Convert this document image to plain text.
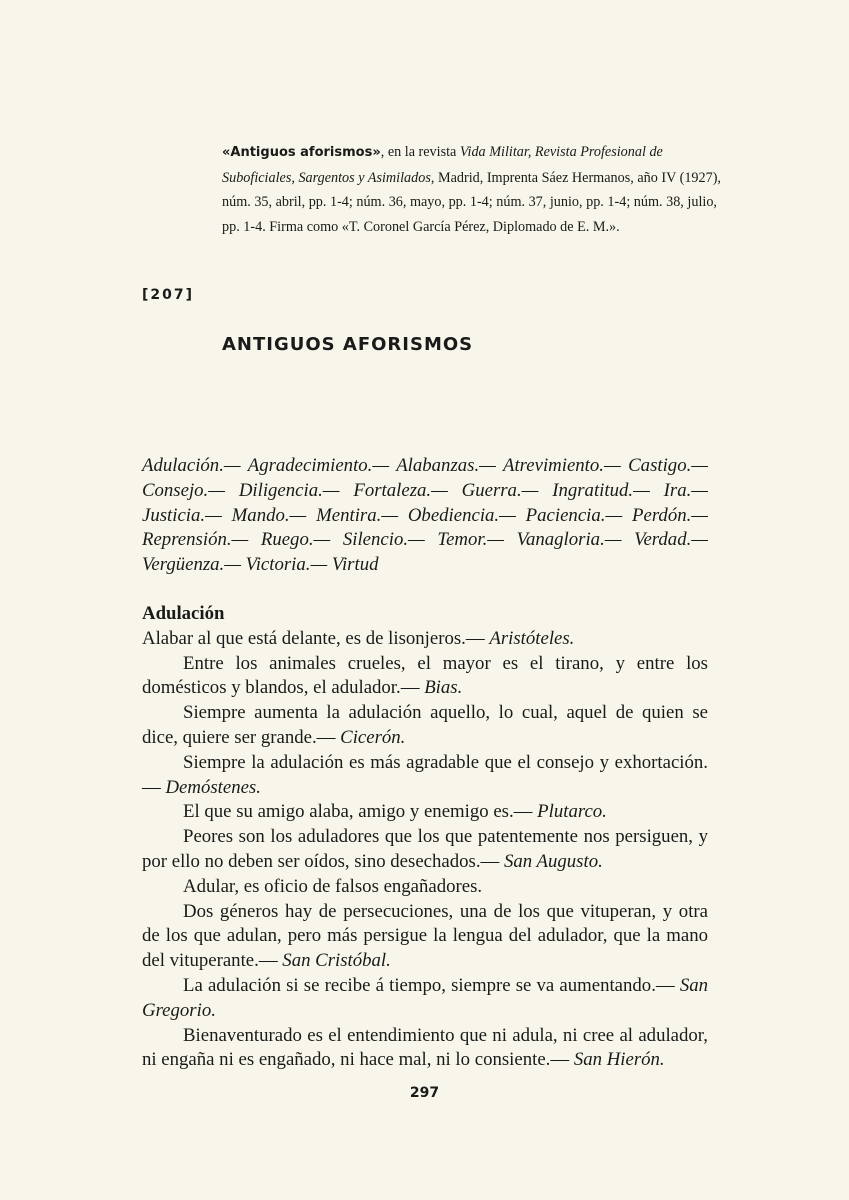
«Antiguos aforismos», en la revista Vida Militar, Revista Profesional de Suboficiales, Sargentos y Asimilados, Madrid, Imprenta Sáez Hermanos, año IV (1927), núm. 35, abril, pp. 1-4; núm. 36, mayo, pp. 1-4; núm. 37, junio, pp. 1-4; núm. 38, julio, pp. 1-4. Firma como «T. Coronel García Pérez, Diplomado de E. M.».
[207]
ANTIGUOS AFORISMOS
Adulación.— Agradecimiento.— Alabanzas.— Atrevimiento.— Castigo.— Consejo.— Diligencia.— Fortaleza.— Guerra.— Ingratitud.— Ira.— Justicia.— Mando.— Mentira.— Obediencia.— Paciencia.— Perdón.— Reprensión.— Ruego.— Silencio.— Temor.— Vanagloria.— Verdad.— Vergüenza.— Victoria.— Virtud
Adulación

Alabar al que está delante, es de lisonjeros.— Aristóteles.

Entre los animales crueles, el mayor es el tirano, y entre los domésticos y blandos, el adulador.— Bias.

Siempre aumenta la adulación aquello, lo cual, aquel de quien se dice, quiere ser grande.— Cicerón.

Siempre la adulación es más agradable que el consejo y exhortación.— Demóstenes.

El que su amigo alaba, amigo y enemigo es.— Plutarco.

Peores son los aduladores que los que patentemente nos persiguen, y por ello no deben ser oídos, sino desechados.— San Augusto.

Adular, es oficio de falsos engañadores.

Dos géneros hay de persecuciones, una de los que vituperan, y otra de los que adulan, pero más persigue la lengua del adulador, que la mano del vituperante.— San Cristóbal.

La adulación si se recibe á tiempo, siempre se va aumentando.— San Gregorio.

Bienaventurado es el entendimiento que ni adula, ni cree al adulador, ni engaña ni es engañado, ni hace mal, ni lo consiente.— San Hierón.

297
